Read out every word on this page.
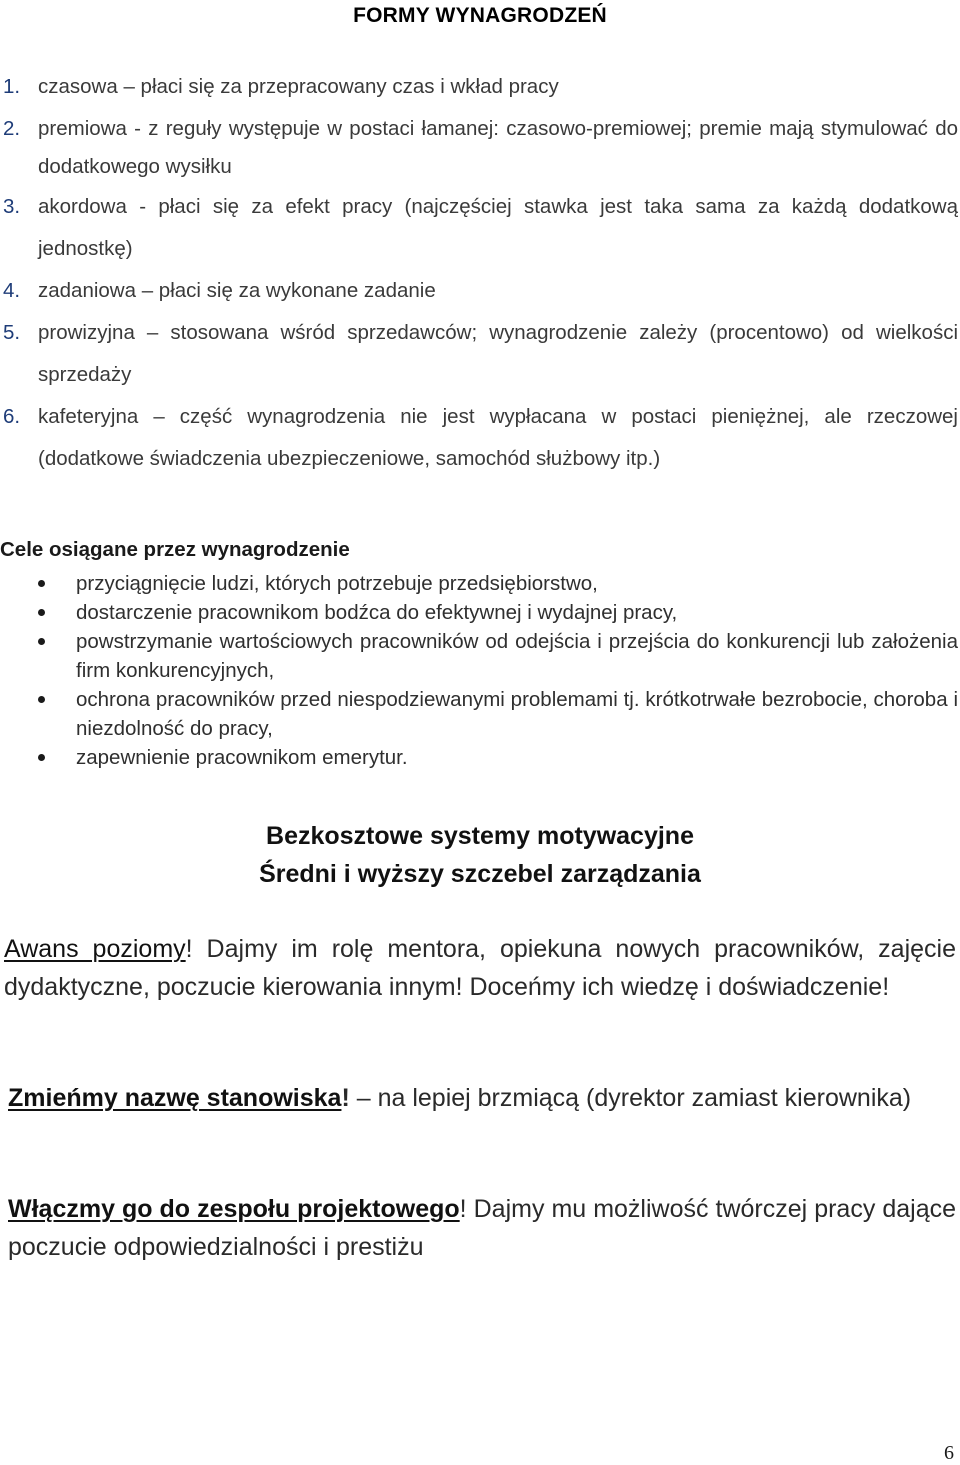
FORMY WYNAGRODZEŃ
1. czasowa – płaci się za przepracowany czas i wkład pracy
2. premiowa - z reguły występuje w postaci łamanej: czasowo-premiowej; premie mają stymulować do dodatkowego wysiłku
3. akordowa - płaci się za efekt pracy (najczęściej stawka jest taka sama za każdą dodatkową jednostkę)
4. zadaniowa – płaci się za wykonane zadanie
5. prowizyjna – stosowana wśród sprzedawców; wynagrodzenie zależy (procentowo) od wielkości sprzedaży
6. kafeteryjna – część wynagrodzenia nie jest wypłacana w postaci pieniężnej, ale rzeczowej (dodatkowe świadczenia ubezpieczeniowe, samochód służbowy itp.)
Cele osiągane przez wynagrodzenie
przyciągnięcie ludzi, których potrzebuje przedsiębiorstwo,
dostarczenie pracownikom bodźca do efektywnej i wydajnej pracy,
powstrzymanie wartościowych pracowników od odejścia i przejścia do konkurencji lub założenia firm konkurencyjnych,
ochrona pracowników przed niespodziewanymi problemami tj. krótkotrwałe bezrobocie, choroba i niezdolność do pracy,
zapewnienie pracownikom emerytur.
Bezkosztowe systemy motywacyjne
Średni i wyższy szczebel zarządzania
Awans poziomy! Dajmy im rolę mentora, opiekuna nowych pracowników, zajęcie dydaktyczne, poczucie kierowania innym! Doceńmy ich wiedzę i doświadczenie!
Zmieńmy nazwę stanowiska! – na lepiej brzmiącą (dyrektor zamiast kierownika)
Włączmy go do zespołu projektowego! Dajmy mu możliwość twórczej pracy dające poczucie odpowiedzialności i prestiżu
6
